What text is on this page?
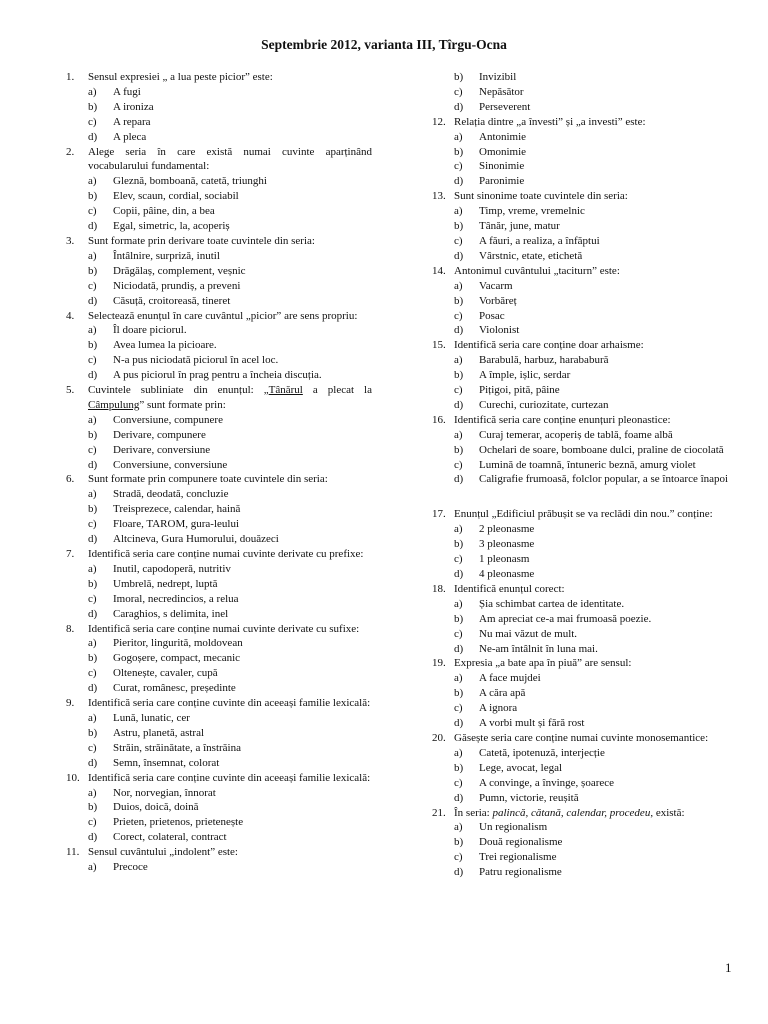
Septembrie 2012, varianta III, Tîrgu-Ocna
1.	Sensul expresiei „ a lua peste picior” este:
a)	A fugi
b)	A ironiza
c)	A repara
d)	A pleca
2.	Alege seria în care există numai cuvinte aparținând vocabularului fundamental:
a)	Gleznă, bomboană, catetă, triunghi
b)	Elev, scaun, cordial, sociabil
c)	Copii, pâine, din, a bea
d)	Egal, simetric, la, acoperiș
3.	Sunt formate prin derivare toate cuvintele din seria:
a)	Întâlnire, surpriză, inutil
b)	Drăgălaș, complement, veșnic
c)	Niciodată, prundiș, a preveni
d)	Căsuță, croitoreasă, tineret
4.	Selectează enunțul în care cuvântul „picior” are sens propriu:
a)	Îl doare piciorul.
b)	Avea lumea la picioare.
c)	N-a pus niciodată piciorul în acel loc.
d)	A pus piciorul în prag pentru a încheia discuția.
5.	Cuvintele subliniate din enunțul: „Tânărul a plecat la Câmpulung” sunt formate prin:
a)	Conversiune, compunere
b)	Derivare, compunere
c)	Derivare, conversiune
d)	Conversiune, conversiune
6.	Sunt formate prin compunere toate cuvintele din seria:
a)	Stradă, deodată, concluzie
b)	Treisprezece, calendar, haină
c)	Floare, TAROM, gura-leului
d)	Altcineva, Gura Humorului, douăzeci
7.	Identifică seria care conține numai cuvinte derivate cu prefixe:
a)	Inutil, capodoperă, nutritiv
b)	Umbrelă, nedrept, luptă
c)	Imoral, necredincios, a relua
d)	Caraghios, s delimita, inel
8.	Identifică seria care conține numai cuvinte derivate cu sufixe:
a)	Pieritor, lingurită, moldovean
b)	Gogoșere, compact, mecanic
c)	Oltenește, cavaler, cupă
d)	Curat, românesc, președinte
9.	Identifică seria care conține cuvinte din aceeași familie lexicală:
a)	Lună, lunatic, cer
b)	Astru, planetă, astral
c)	Străin, străinătate, a înstrăina
d)	Semn, însemnat, colorat
10. Identifică seria care conține cuvinte din aceeași familie lexicală:
a)	Nor, norvegian, înnorat
b)	Duios, doică, doină
c)	Prieten, prietenos, prietenește
d)	Corect, colateral, contract
11. Sensul cuvântului „indolent” este:
a)	Precoce
b)	Invizibil
c)	Nepăsător
d)	Perseverent
12. Relația dintre „a învesti” și „a investi” este:
a)	Antonimie
b)	Omonimie
c)	Sinonimie
d)	Paronimie
13. Sunt sinonime toate cuvintele din seria:
a)	Timp, vreme, vremelnic
b)	Tânăr, june, matur
c)	A făuri, a realiza, a înfăptui
d)	Vârstnic, etate, etichetă
14. Antonimul cuvântului „taciturn” este:
a)	Vacarm
b)	Vorbăreț
c)	Posac
d)	Violonist
15. Identifică seria care conține doar arhaisme:
a)	Barabulă, harbuz, harababură
b)	A împle, ișlic, serdar
c)	Pițigoi, pită, pâine
d)	Curechi, curiozitate, curtezan
16. Identifică seria care conține enunțuri pleonastice:
a)	Curaj temerar, acoperiș de tablă, foame albă
b)	Ochelari de soare, bomboane dulci, praline de ciocolată
c)	Lumină de toamnă, întuneric beznă, amurg violet
d)	Caligrafie frumoasă, folclor popular, a se întoarce înapoi
17. Enunțul „Edificiul prăbușit se va reclădi din nou.” conține:
a)	2 pleonasme
b)	3 pleonasme
c)	1 pleonasm
d)	4 pleonasme
18. Identifică enunțul corect:
a)	Șia schimbat cartea de identitate.
b)	Am apreciat ce-a mai frumoasă poezie.
c)	Nu mai văzut de mult.
d)	Ne-am întâlnit în luna mai.
19. Expresia „a bate apa în piuă” are sensul:
a)	A face mujdei
b)	A căra apă
c)	A ignora
d)	A vorbi mult și fără rost
20. Găsește seria care conține numai cuvinte monosemantice:
a)	Catetă, ipotenuză, interjecție
b)	Lege, avocat, legal
c)	A convinge, a învinge, șoarece
d)	Pumn, victorie, reușită
21. În seria: palincă, cătană, calendar, procedeu, există:
a)	Un regionalism
b)	Două regionalisme
c)	Trei regionalisme
d)	Patru regionalisme
1
